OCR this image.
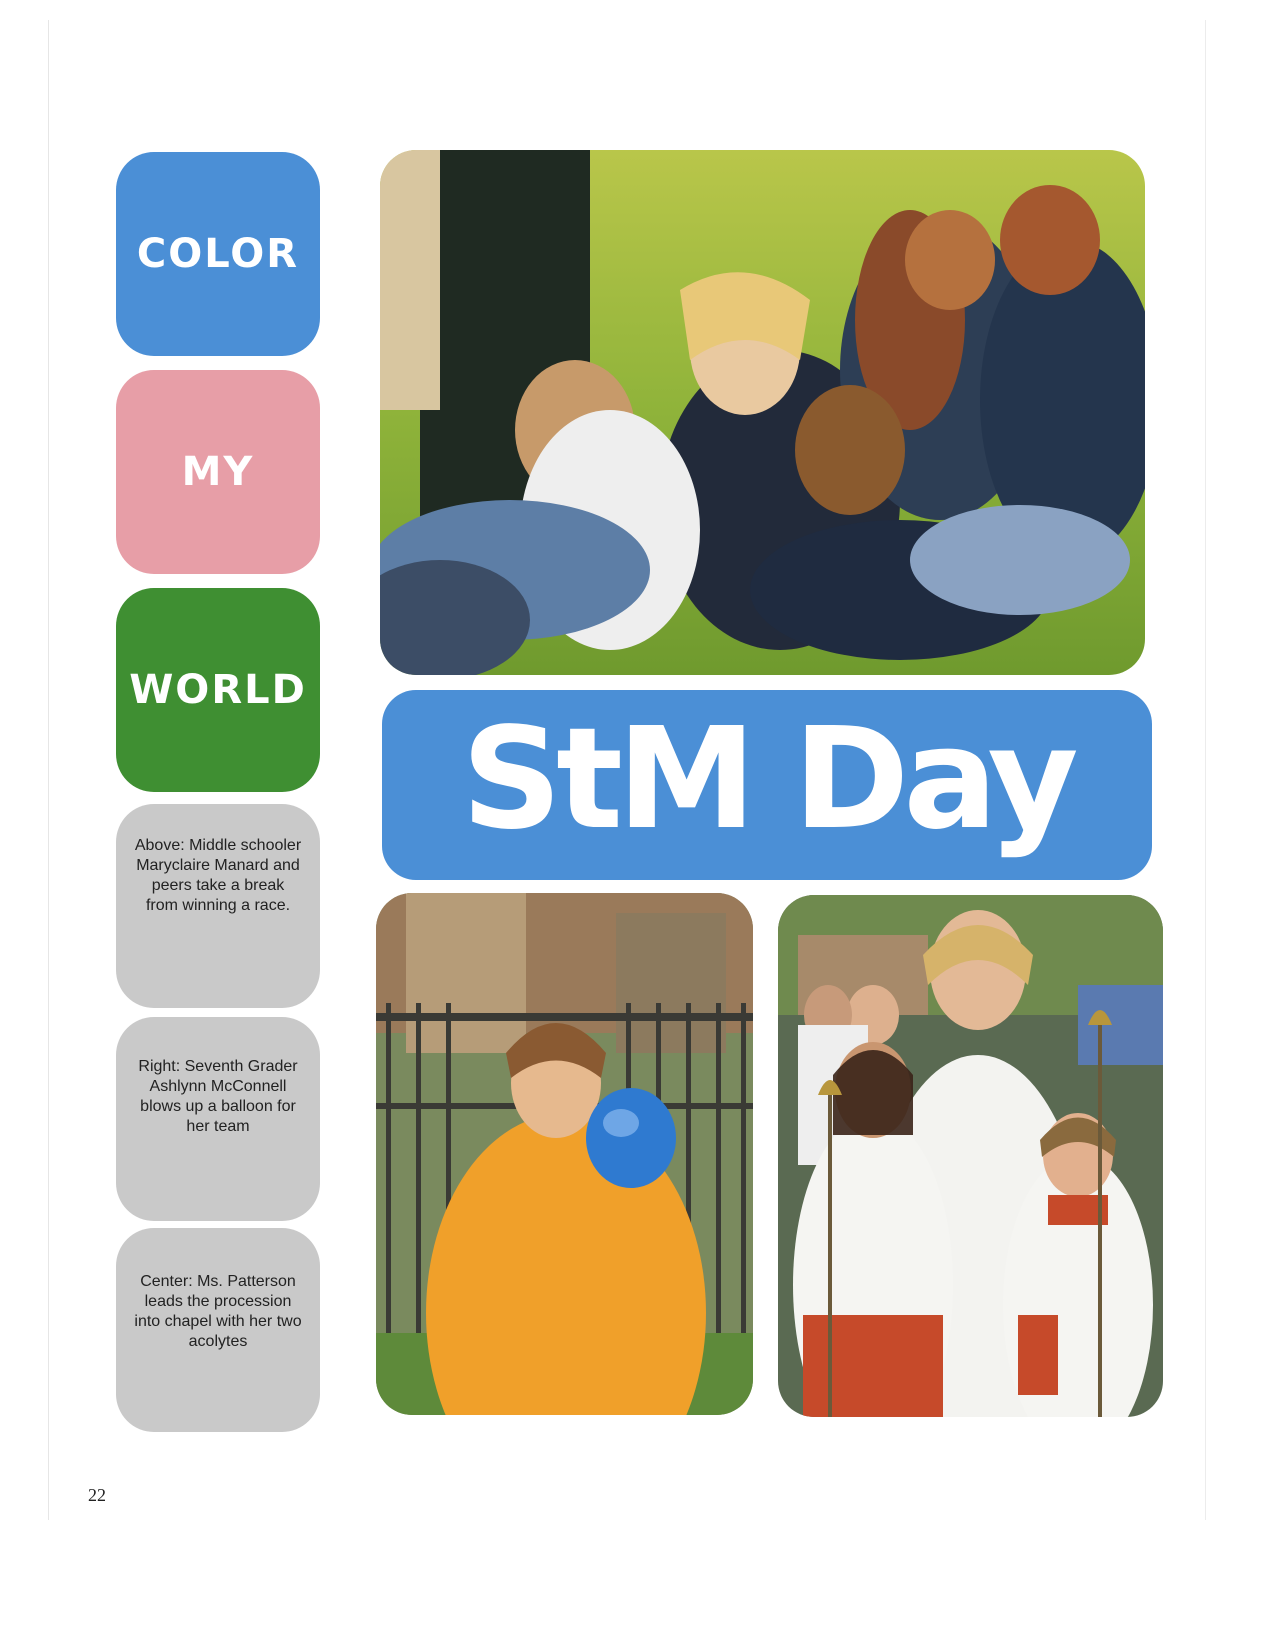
COLOR
MY
WORLD
Above: Middle schooler Maryclaire Manard and peers take a break from winning a race.
Right: Seventh Grader Ashlynn McConnell blows up a balloon for her team
Center: Ms. Patterson leads the procession into chapel with her two acolytes
StM Day
22
